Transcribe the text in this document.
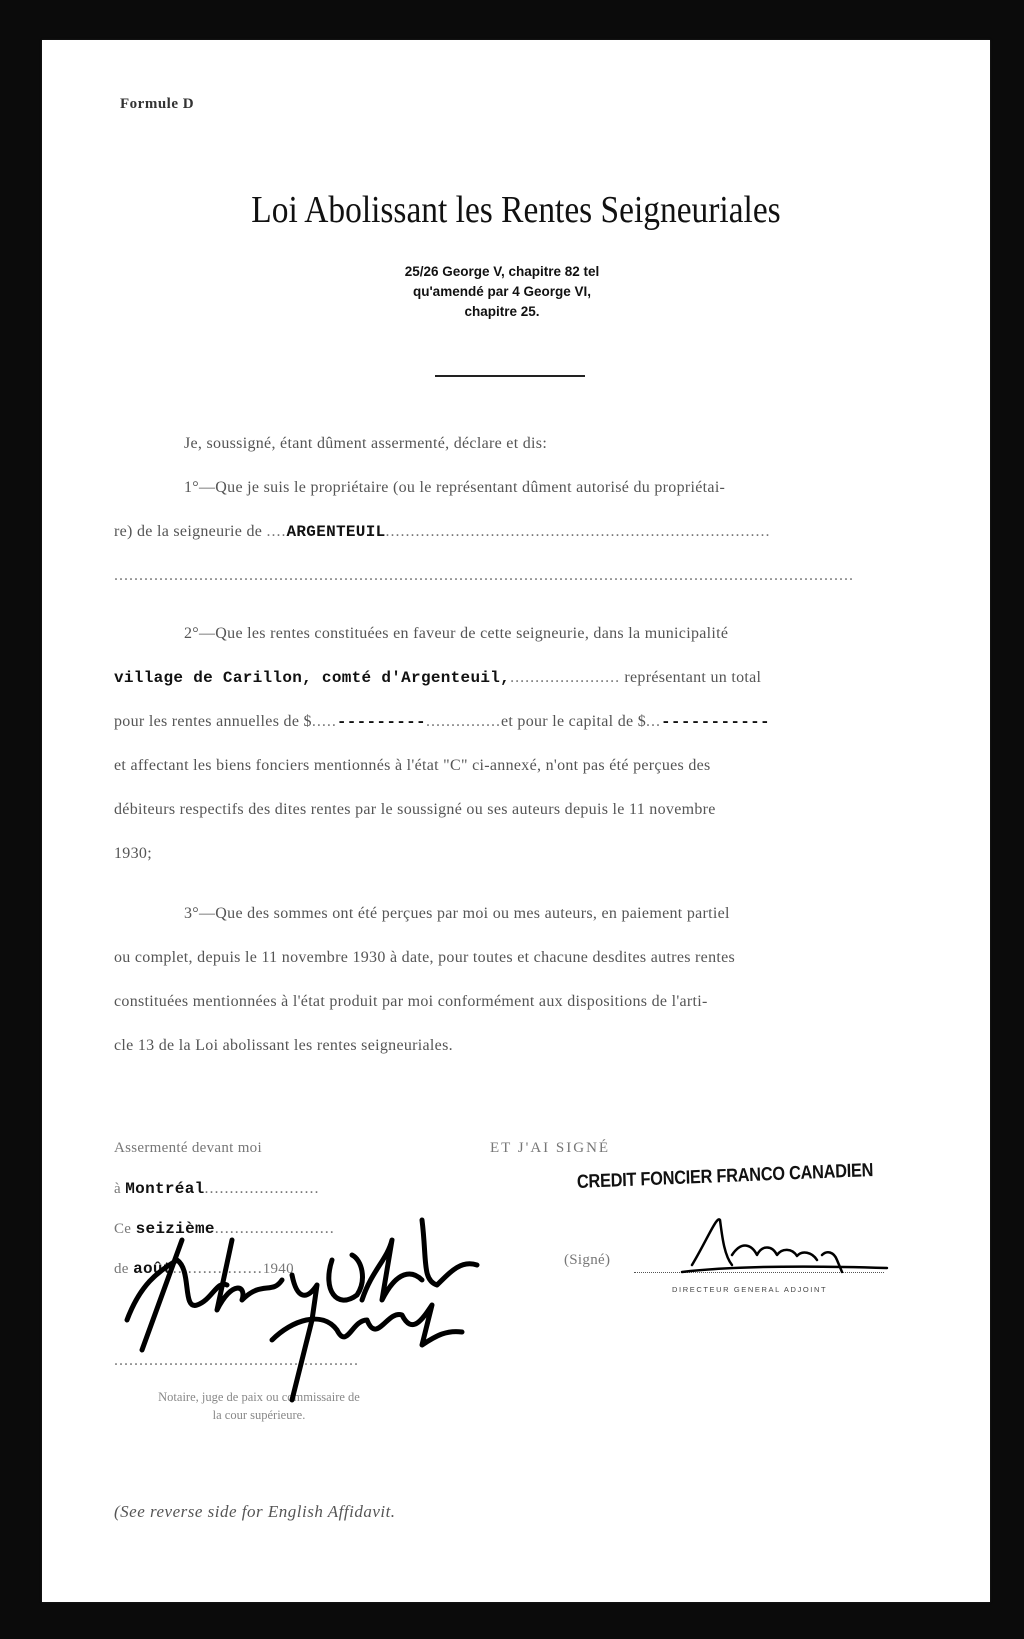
Formule D
Loi Abolissant les Rentes Seigneuriales
25/26 George V, chapitre 82 tel
qu'amendé par 4 George VI,
chapitre 25.
Je, soussigné, étant dûment assermenté, déclare et dis:
1°—Que je suis le propriétaire (ou le représentant dûment autorisé du propriétai-
re) de la seigneurie de ....ARGENTEUIL.............................................................................
....................................................................................................................................................
2°—Que les rentes constituées en faveur de cette seigneurie, dans la municipalité
village de Carillon, comté d'Argenteuil,...................... représentant un total
pour les rentes annuelles de $.....---------...............et pour le capital de $...-----------
et affectant les biens fonciers mentionnés à l'état "C" ci-annexé, n'ont pas été perçues des
débiteurs respectifs des dites rentes par le soussigné ou ses auteurs depuis le 11 novembre
1930;
3°—Que des sommes ont été perçues par moi ou mes auteurs, en paiement partiel
ou complet, depuis le 11 novembre 1930 à date, pour toutes et chacune desdites autres rentes
constituées mentionnées à l'état produit par moi conformément aux dispositions de l'arti-
cle 13 de la Loi abolissant les rentes seigneuriales.
Assermenté devant moi
à Montréal.......................
Ce seizième........................
de août..................1940
.................................................
Notaire, juge de paix ou commissaire de
la cour supérieure.
ET J'AI SIGNÉ
CREDIT FONCIER FRANCO CANADIEN
(Signé)
DIRECTEUR GENERAL ADJOINT
(See reverse side for English Affidavit.
